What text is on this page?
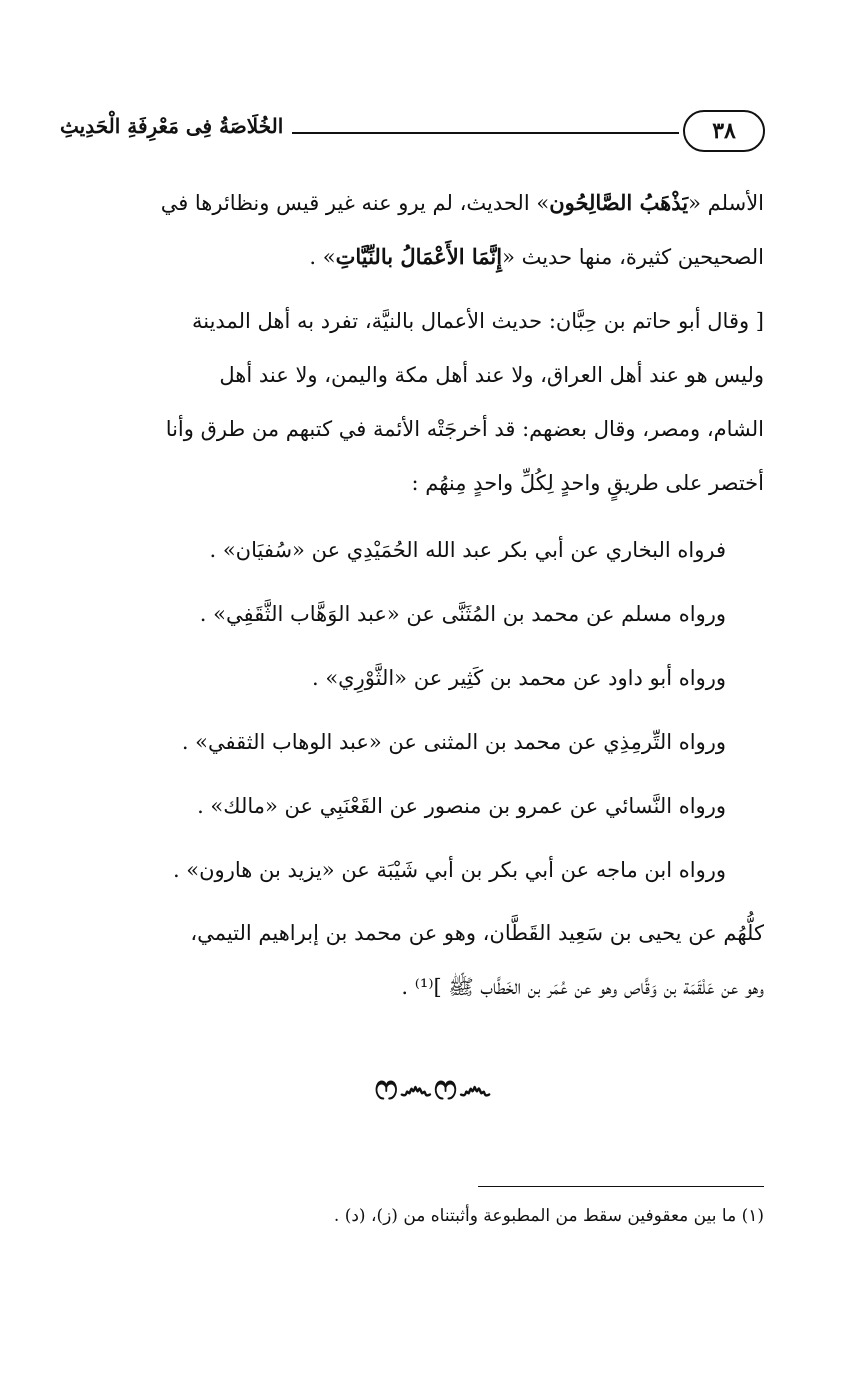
٣٨
الخُلَاصَةُ فِى مَعْرِفَةِ الْحَدِيثِ

الأسلم «يَذْهَبُ الصَّالِحُون» الحديث، لم يرو عنه غير قيس ونظائرها في
الصحيحين كثيرة، منها حديث «إِنَّمَا الأَعْمَالُ بالنِّيَّاتِ» .

[ وقال أبو حاتم بن حِبَّان: حديث الأعمال بالنيَّة، تفرد به أهل المدينة
وليس هو عند أهل العراق، ولا عند أهل مكة واليمن، ولا عند أهل
الشام، ومصر، وقال بعضهم: قد أخرجَتْه الأئمة في كتبهم من طرق وأنا
أختصر على طريقٍ واحدٍ لِكُلِّ واحدٍ مِنهُم :

فرواه البخاري عن أبي بكر عبد الله الحُمَيْدِي عن «سُفيَان» .
ورواه مسلم عن محمد بن المُثَنَّى عن «عبد الوَهَّاب الثَّقَفِي» .
ورواه أبو داود عن محمد بن كَثِير عن «الثَّوْرِي» .
ورواه التِّرمِذِي عن محمد بن المثنى عن «عبد الوهاب الثقفي» .
ورواه النَّسائي عن عمرو بن منصور عن القَعْنَبِي عن «مالك» .
ورواه ابن ماجه عن أبي بكر بن أبي شَيْبَة عن «يزيد بن هارون» .

كلُّهُم عن يحيى بن سَعِيد القَطَّان، وهو عن محمد بن إبراهيم التيمي،
وهو عن عَلْقَمَة بن وَقَّاص وهو عن عُمَر بن الخَطَّاب ﷺ ]⁽¹⁾ .

ෆ෴ෆ෴
(١) ما بين معقوفين سقط من المطبوعة وأثبتناه من (ز)، (د) .
